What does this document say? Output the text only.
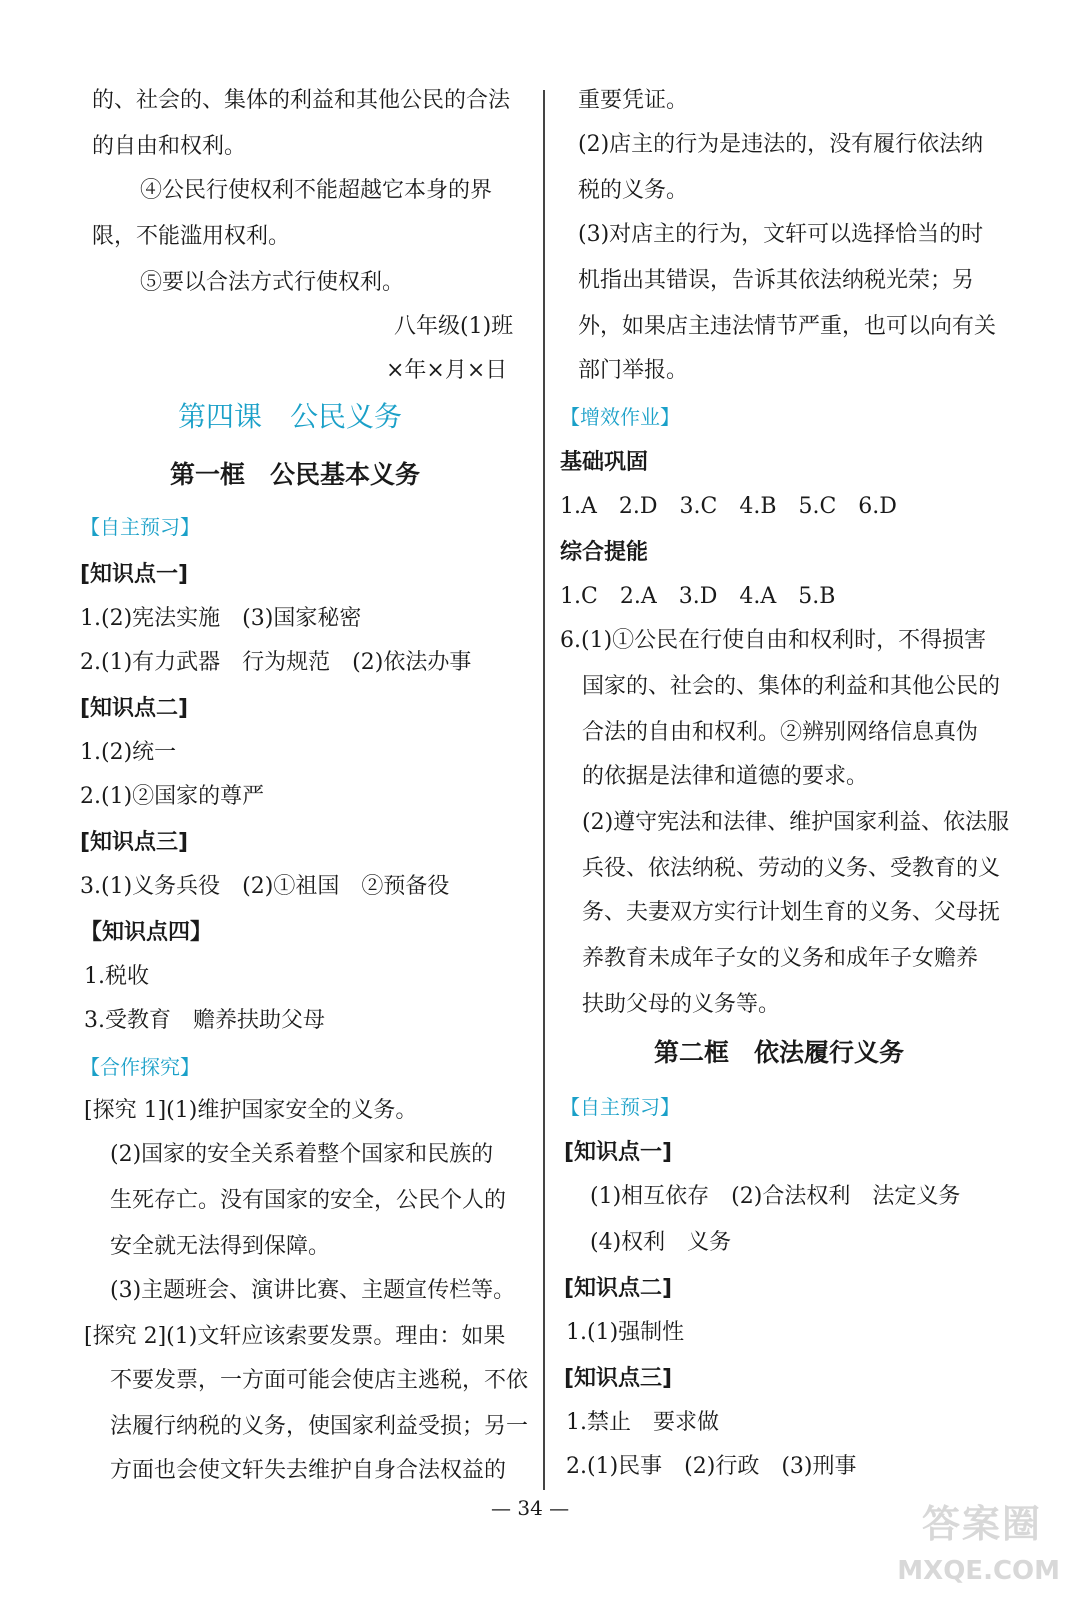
的、社会的、集体的利益和其他公民的合法
的自由和权利。
④公民行使权利不能超越它本身的界
限，不能滥用权利。
⑤要以合法方式行使权利。
八年级(1)班
×年×月×日
第四课　公民义务
第一框　公民基本义务
【自主预习】
[知识点一]
1.(2)宪法实施　(3)国家秘密
2.(1)有力武器　行为规范　(2)依法办事
[知识点二]
1.(2)统一
2.(1)②国家的尊严
[知识点三]
3.(1)义务兵役　(2)①祖国　②预备役
【知识点四】
1.税收
3.受教育　赡养扶助父母
【合作探究】
[探究 1](1)维护国家安全的义务。
(2)国家的安全关系着整个国家和民族的
生死存亡。没有国家的安全，公民个人的
安全就无法得到保障。
(3)主题班会、演讲比赛、主题宣传栏等。
[探究 2](1)文轩应该索要发票。理由：如果
不要发票，一方面可能会使店主逃税，不依
法履行纳税的义务，使国家利益受损；另一
方面也会使文轩失去维护自身合法权益的
重要凭证。
(2)店主的行为是违法的，没有履行依法纳
税的义务。
(3)对店主的行为，文轩可以选择恰当的时
机指出其错误，告诉其依法纳税光荣；另
外，如果店主违法情节严重，也可以向有关
部门举报。
【增效作业】
基础巩固
1.A　2.D　3.C　4.B　5.C　6.D
综合提能
1.C　2.A　3.D　4.A　5.B
6.(1)①公民在行使自由和权利时，不得损害
国家的、社会的、集体的利益和其他公民的
合法的自由和权利。②辨别网络信息真伪
的依据是法律和道德的要求。
(2)遵守宪法和法律、维护国家利益、依法服
兵役、依法纳税、劳动的义务、受教育的义
务、夫妻双方实行计划生育的义务、父母抚
养教育未成年子女的义务和成年子女赡养
扶助父母的义务等。
第二框　依法履行义务
【自主预习】
[知识点一]
(1)相互依存　(2)合法权利　法定义务
(4)权利　义务
[知识点二]
1.(1)强制性
[知识点三]
1.禁止　要求做
2.(1)民事　(2)行政　(3)刑事
— 34 —	答案圈
MXQE.COM
